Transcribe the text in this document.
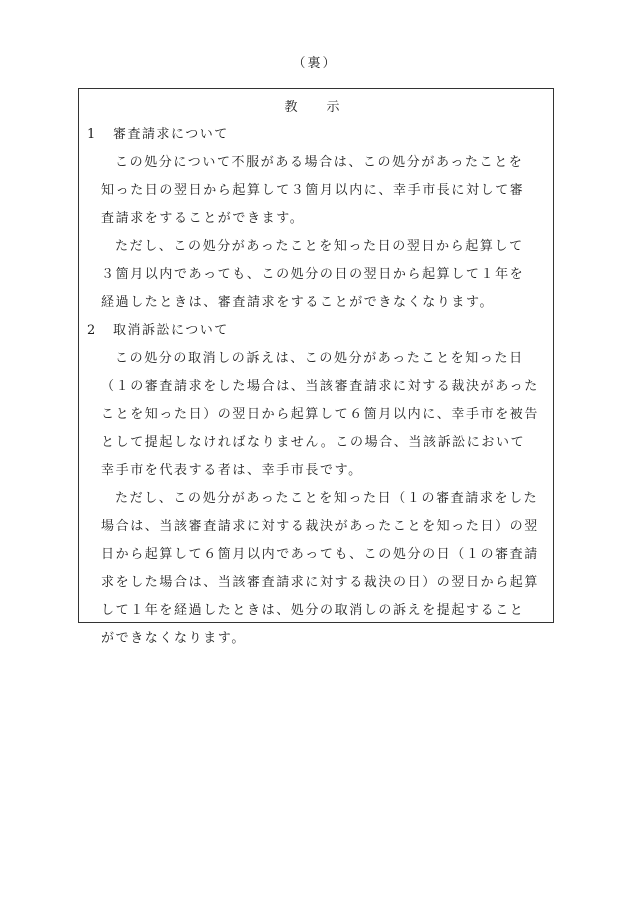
（裏）
教　示
1 審査請求について
この処分について不服がある場合は、この処分があったことを
知った日の翌日から起算して３箇月以内に、幸手市長に対して審
査請求をすることができます。
ただし、この処分があったことを知った日の翌日から起算して
３箇月以内であっても、この処分の日の翌日から起算して１年を
経過したときは、審査請求をすることができなくなります。
2 取消訴訟について
この処分の取消しの訴えは、この処分があったことを知った日
（１の審査請求をした場合は、当該審査請求に対する裁決があった
ことを知った日）の翌日から起算して６箇月以内に、幸手市を被告
として提起しなければなりません。この場合、当該訴訟において
幸手市を代表する者は、幸手市長です。
ただし、この処分があったことを知った日（１の審査請求をした
場合は、当該審査請求に対する裁決があったことを知った日）の翌
日から起算して６箇月以内であっても、この処分の日（１の審査請
求をした場合は、当該審査請求に対する裁決の日）の翌日から起算
して１年を経過したときは、処分の取消しの訴えを提起すること
ができなくなります。
